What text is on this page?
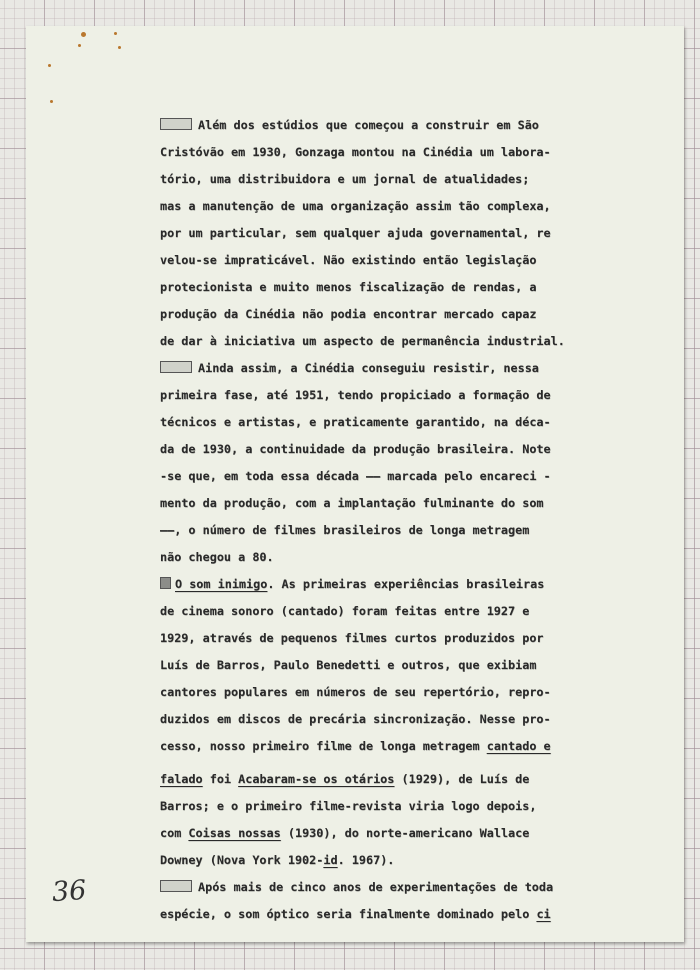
Além dos estúdios que começou a construir em São
Cristóvão em 1930, Gonzaga montou na Cinédia um labora-
tório, uma distribuidora e um jornal de atualidades;
mas a manutenção de uma organização assim tão complexa,
por um particular, sem qualquer ajuda governamental, re
velou-se impraticável. Não existindo então legislação
protecionista e muito menos fiscalização de rendas, a
produção da Cinédia não podia encontrar mercado capaz
de dar à iniciativa um aspecto de permanência industrial.
Ainda assim, a Cinédia conseguiu resistir, nessa
primeira fase, até 1951, tendo propiciado a formação de
técnicos e artistas, e praticamente garantido, na déca-
da de 1930, a continuidade da produção brasileira. Note
-se que, em toda essa década —— marcada pelo encareci -
mento da produção, com a implantação fulminante do som
——, o número de filmes brasileiros de longa metragem
não chegou a 80.
O som inimigo. As primeiras experiências brasileiras
de cinema sonoro (cantado) foram feitas entre 1927 e
1929, através de pequenos filmes curtos produzidos por
Luís de Barros, Paulo Benedetti e outros, que exibiam
cantores populares em números de seu repertório, repro-
duzidos em discos de precária sincronização. Nesse pro-
cesso, nosso primeiro filme de longa metragem cantado e
falado foi Acabaram-se os otários (1929), de Luís de
Barros; e o primeiro filme-revista viria logo depois,
com Coisas nossas (1930), do norte-americano Wallace
Downey (Nova York 1902-id. 1967).
Após mais de cinco anos de experimentações de toda
espécie, o som óptico seria finalmente dominado pelo ci
36
